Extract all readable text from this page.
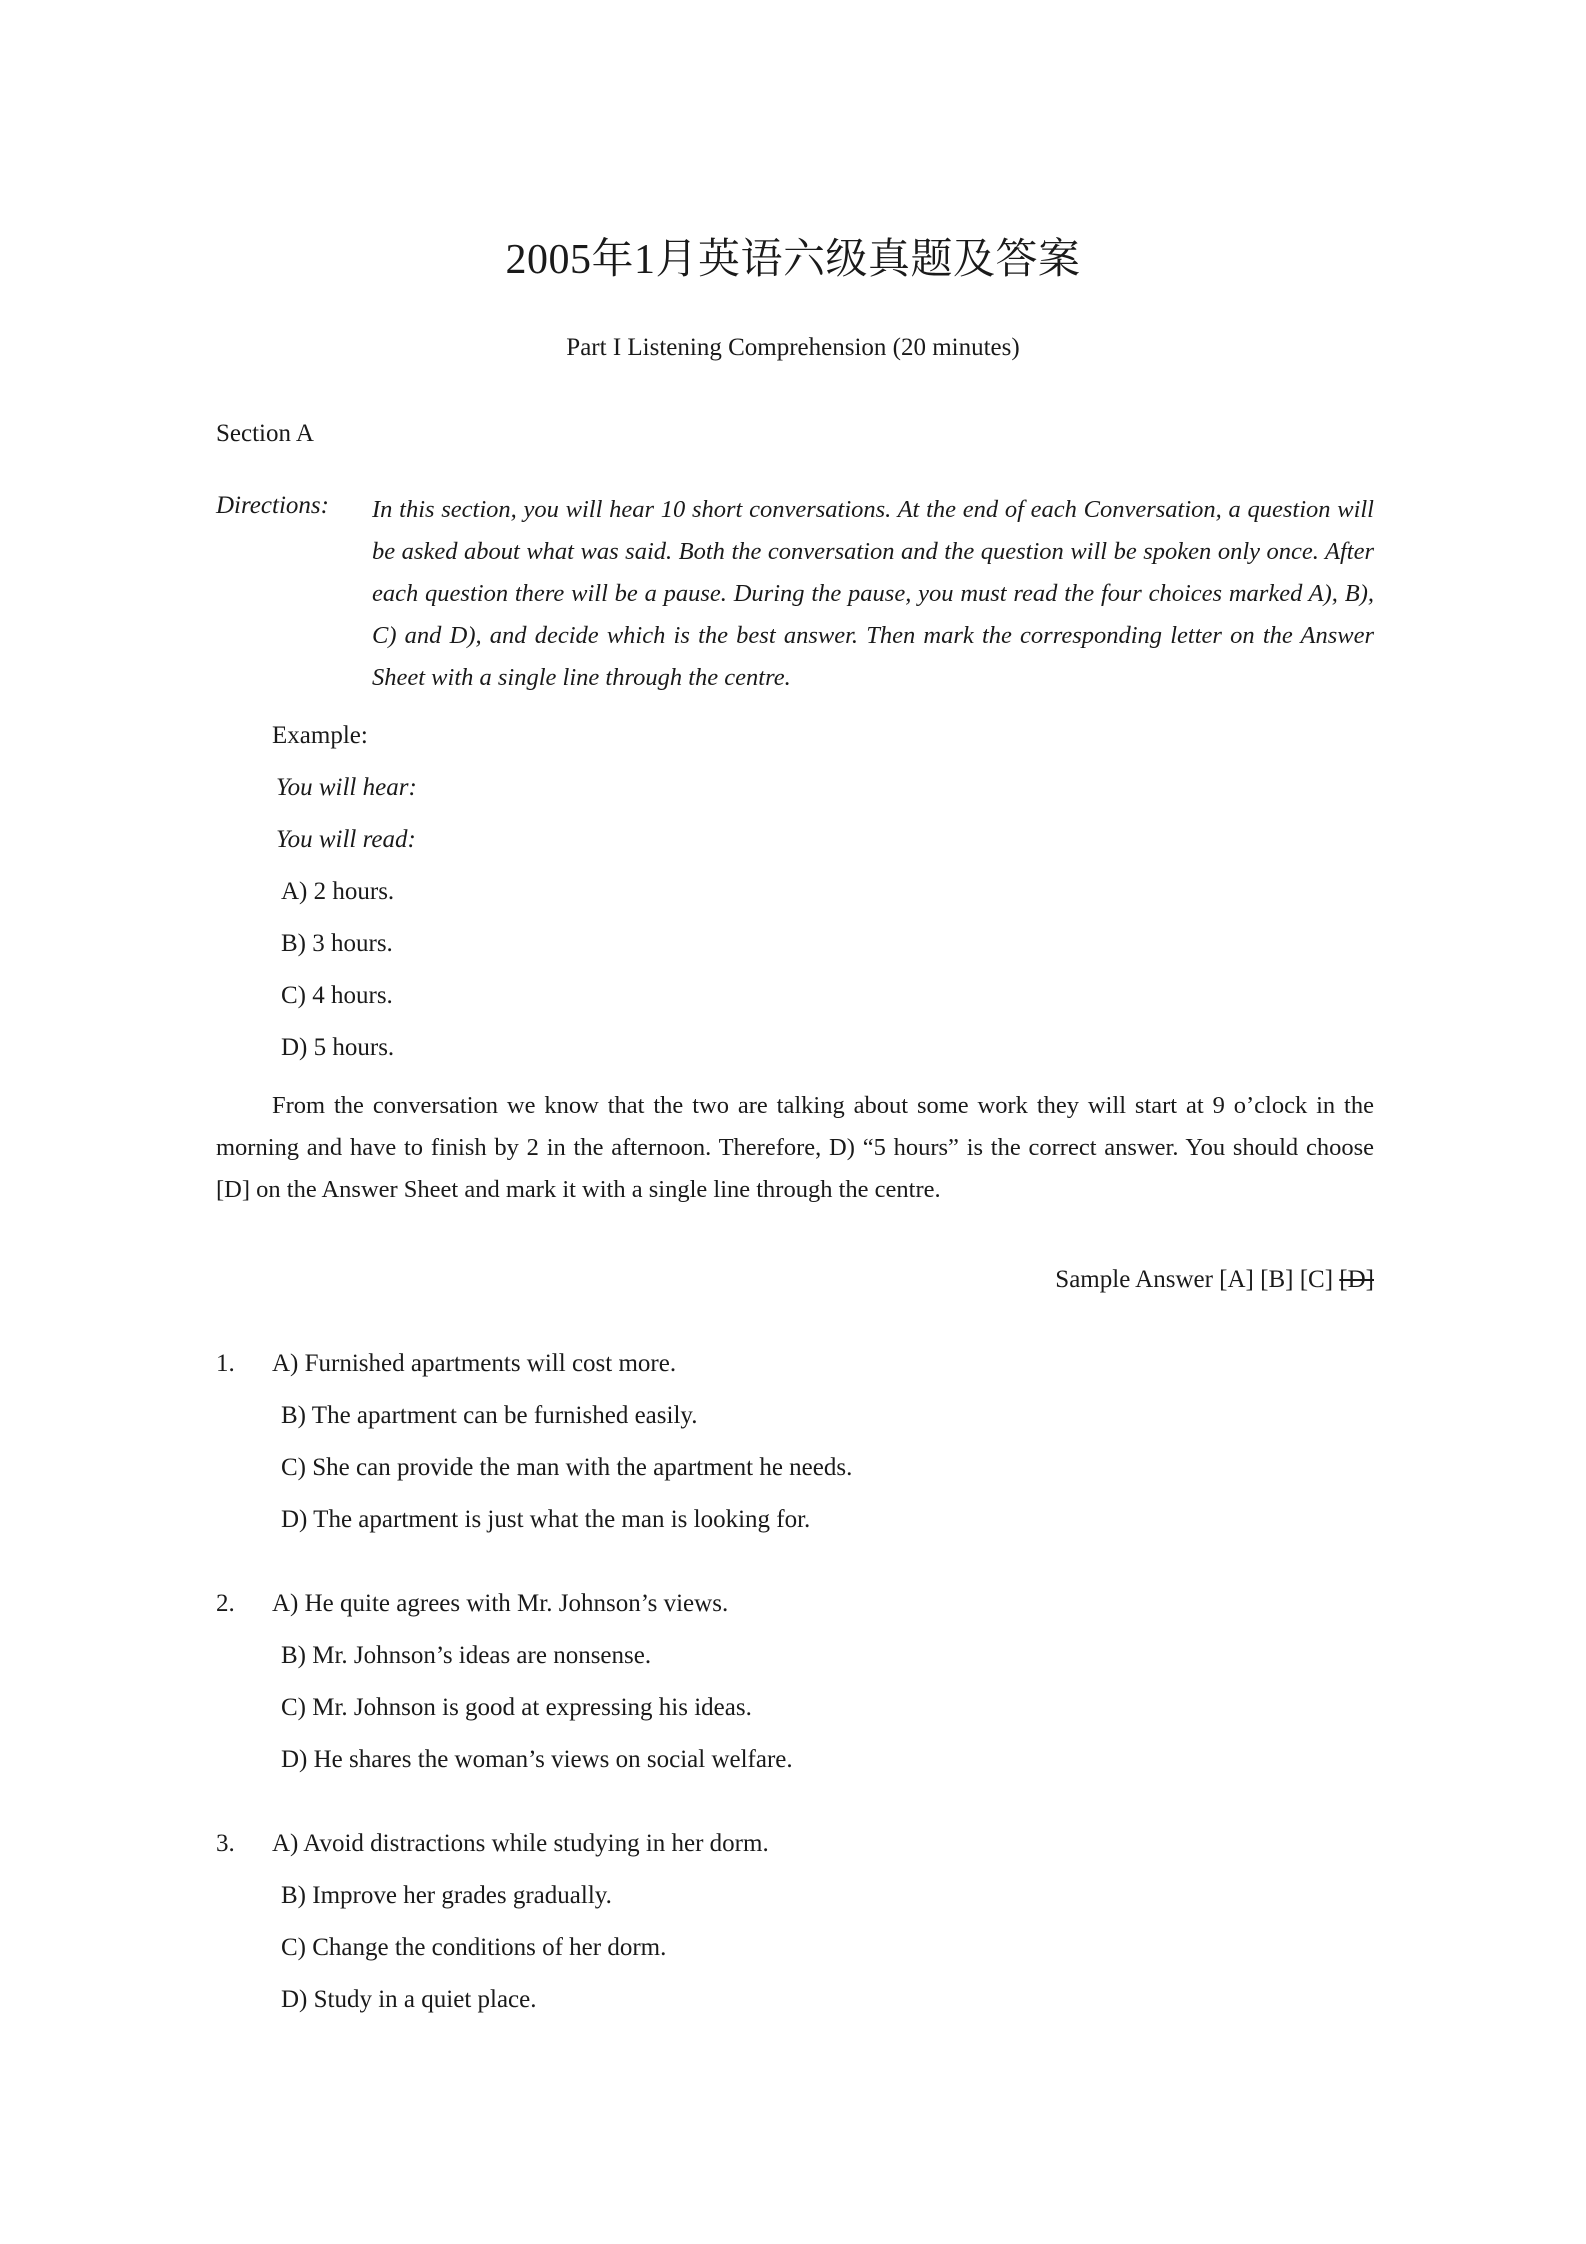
2005年1月英语六级真题及答案
Part I Listening Comprehension (20 minutes)
Section A
Directions: In this section, you will hear 10 short conversations. At the end of each Conversation, a question will be asked about what was said. Both the conversation and the question will be spoken only once. After each question there will be a pause. During the pause, you must read the four choices marked A), B), C) and D), and decide which is the best answer. Then mark the corresponding letter on the Answer Sheet with a single line through the centre.
Example:
You will hear:
You will read:
A) 2 hours.
B) 3 hours.
C) 4 hours.
D) 5 hours.
From the conversation we know that the two are talking about some work they will start at 9 o’clock in the morning and have to finish by 2 in the afternoon. Therefore, D) “5 hours” is the correct answer. You should choose [D] on the Answer Sheet and mark it with a single line through the centre.
Sample Answer [A] [B] [C] [D]
1. A) Furnished apartments will cost more.
B) The apartment can be furnished easily.
C) She can provide the man with the apartment he needs.
D) The apartment is just what the man is looking for.
2. A) He quite agrees with Mr. Johnson’s views.
B) Mr. Johnson’s ideas are nonsense.
C) Mr. Johnson is good at expressing his ideas.
D) He shares the woman’s views on social welfare.
3. A) Avoid distractions while studying in her dorm.
B) Improve her grades gradually.
C) Change the conditions of her dorm.
D) Study in a quiet place.
